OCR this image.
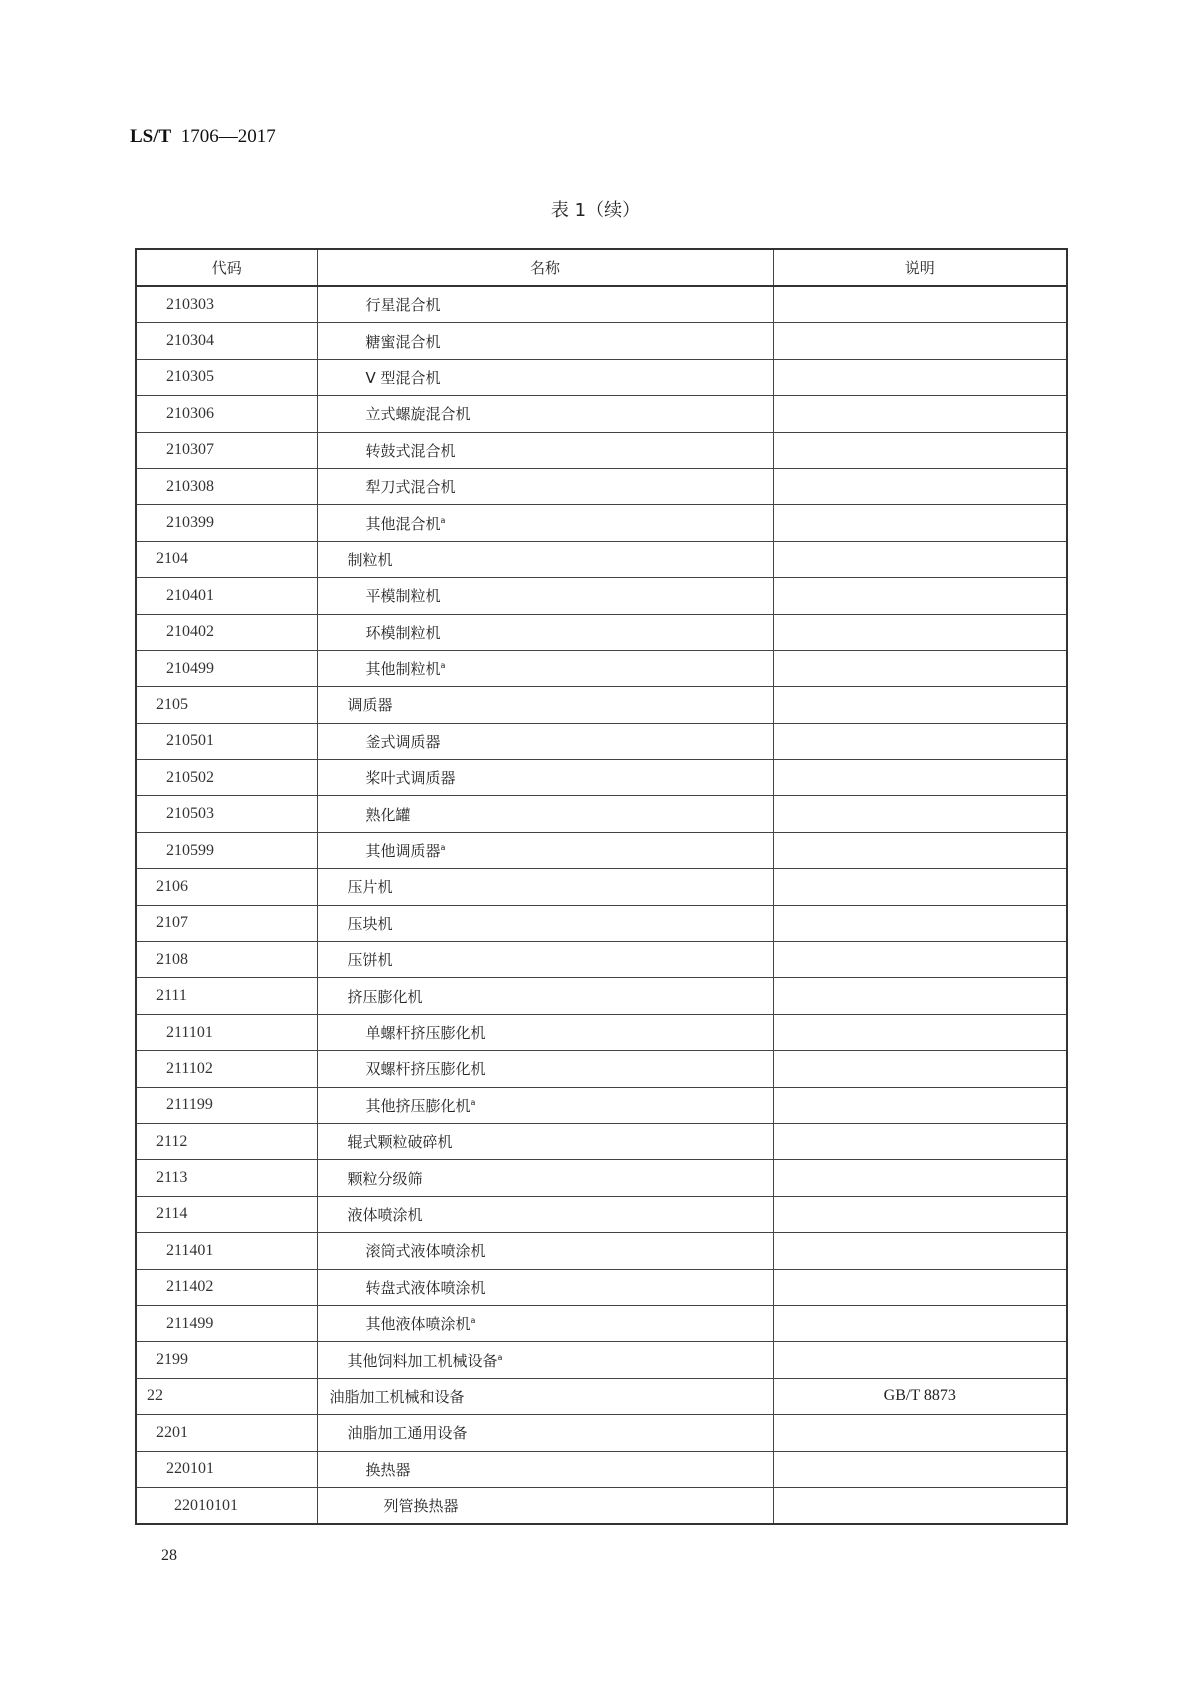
LS/T 1706—2017
表 1（续）
代码	名称	说明
210303	行星混合机	
210304	糖蜜混合机	
210305	V 型混合机	
210306	立式螺旋混合机	
210307	转鼓式混合机	
210308	犁刀式混合机	
210399	其他混合机$^a$	
2104	制粒机	
210401	平模制粒机	
210402	环模制粒机	
210499	其他制粒机$^a$	
2105	调质器	
210501	釜式调质器	
210502	桨叶式调质器	
210503	熟化罐	
210599	其他调质器$^a$	
2106	压片机	
2107	压块机	
2108	压饼机	
2111	挤压膨化机	
211101	单螺杆挤压膨化机	
211102	双螺杆挤压膨化机	
211199	其他挤压膨化机$^a$	
2112	辊式颗粒破碎机	
2113	颗粒分级筛	
2114	液体喷涂机	
211401	滚筒式液体喷涂机	
211402	转盘式液体喷涂机	
211499	其他液体喷涂机$^a$	
2199	其他饲料加工机械设备$^a$	
22	油脂加工机械和设备	GB/T 8873
2201	油脂加工通用设备	
220101	换热器	
22010101	列管换热器	
28
